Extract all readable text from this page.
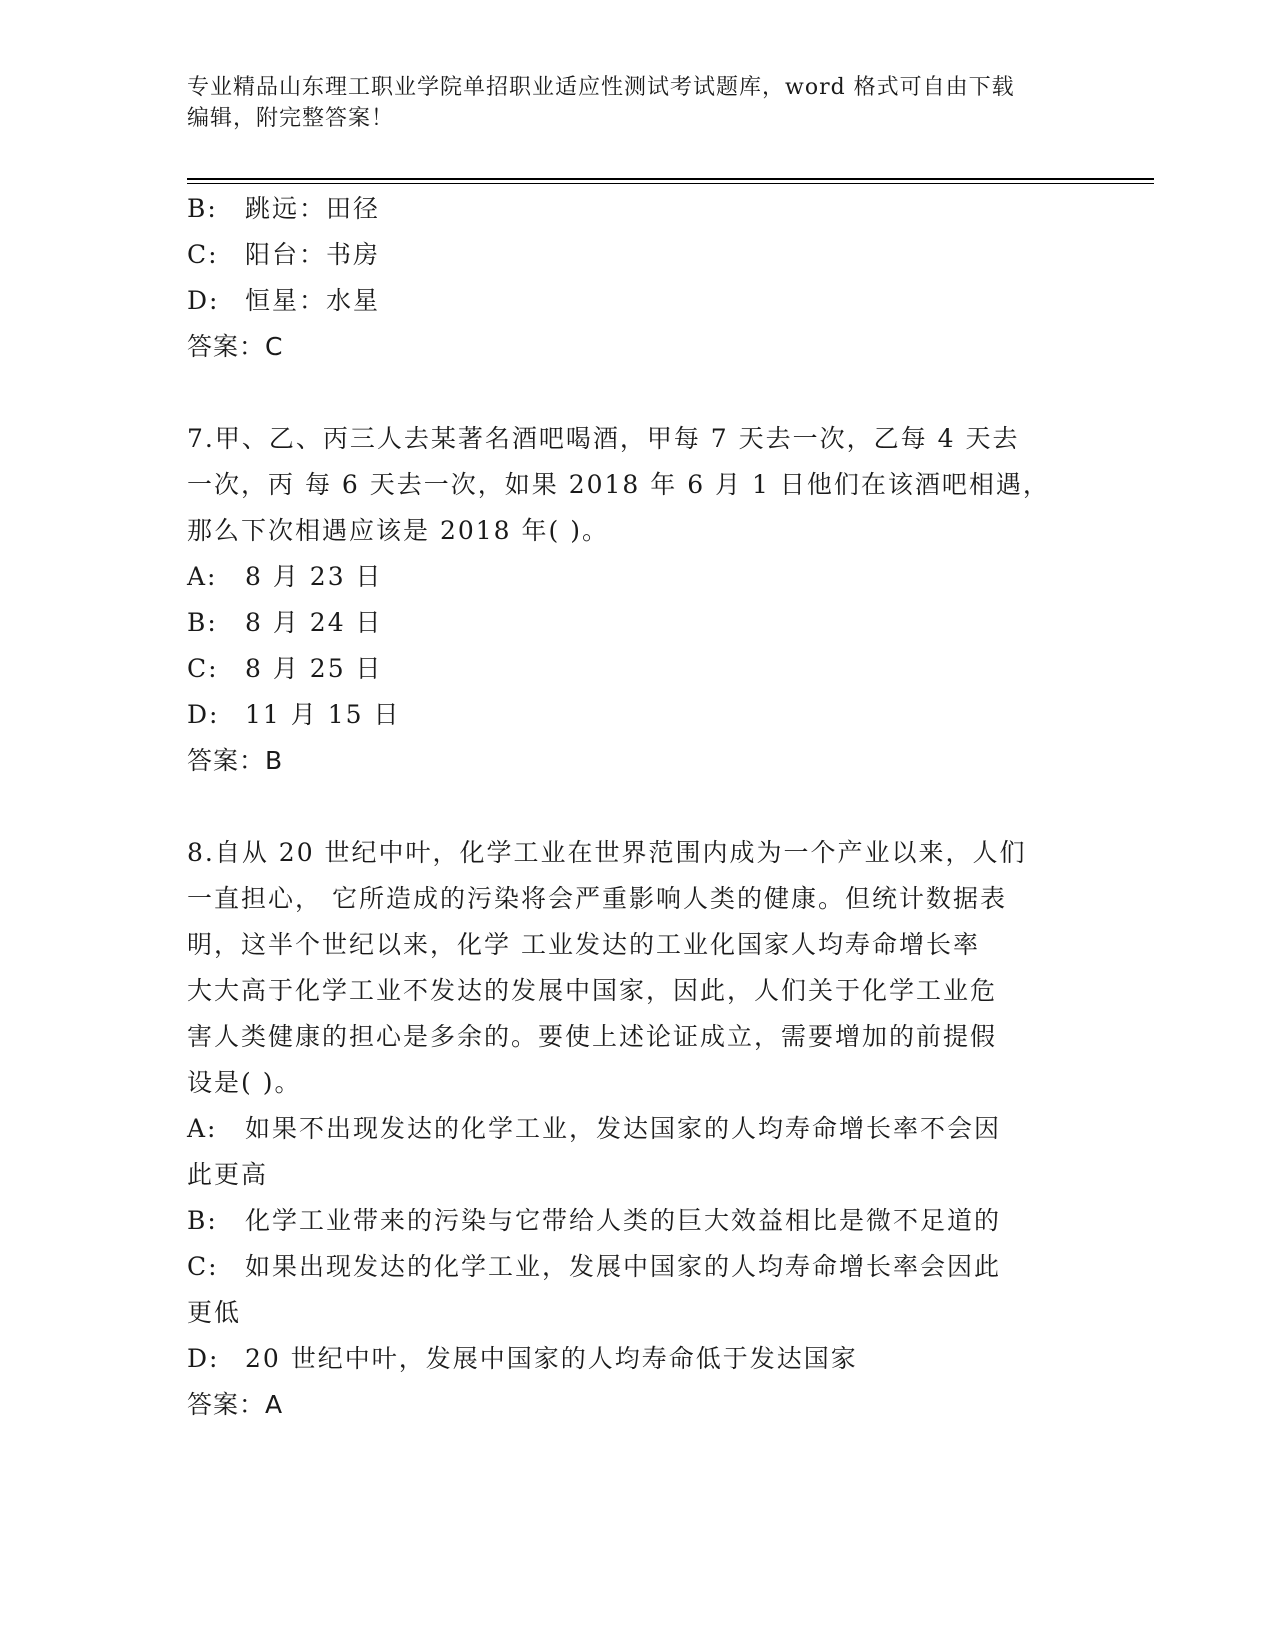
专业精品山东理工职业学院单招职业适应性测试考试题库，word 格式可自由下载
编辑，附完整答案！
B: 跳远：田径
C: 阳台：书房
D: 恒星：水星
答案：C
7.甲、乙、丙三人去某著名酒吧喝酒，甲每 7 天去一次，乙每 4 天去
一次，丙 每 6 天去一次，如果 2018 年 6 月 1 日他们在该酒吧相遇，
那么下次相遇应该是 2018 年( )。
A: 8 月 23 日
B: 8 月 24 日
C: 8 月 25 日
D: 11 月 15 日
答案：B
8.自从 20 世纪中叶，化学工业在世界范围内成为一个产业以来，人们
一直担心， 它所造成的污染将会严重影响人类的健康。但统计数据表
明，这半个世纪以来，化学 工业发达的工业化国家人均寿命增长率
大大高于化学工业不发达的发展中国家，因此，人们关于化学工业危
害人类健康的担心是多余的。要使上述论证成立，需要增加的前提假
设是( )。
A: 如果不出现发达的化学工业，发达国家的人均寿命增长率不会因
此更高
B: 化学工业带来的污染与它带给人类的巨大效益相比是微不足道的
C: 如果出现发达的化学工业，发展中国家的人均寿命增长率会因此
更低
D: 20 世纪中叶，发展中国家的人均寿命低于发达国家
答案：A
